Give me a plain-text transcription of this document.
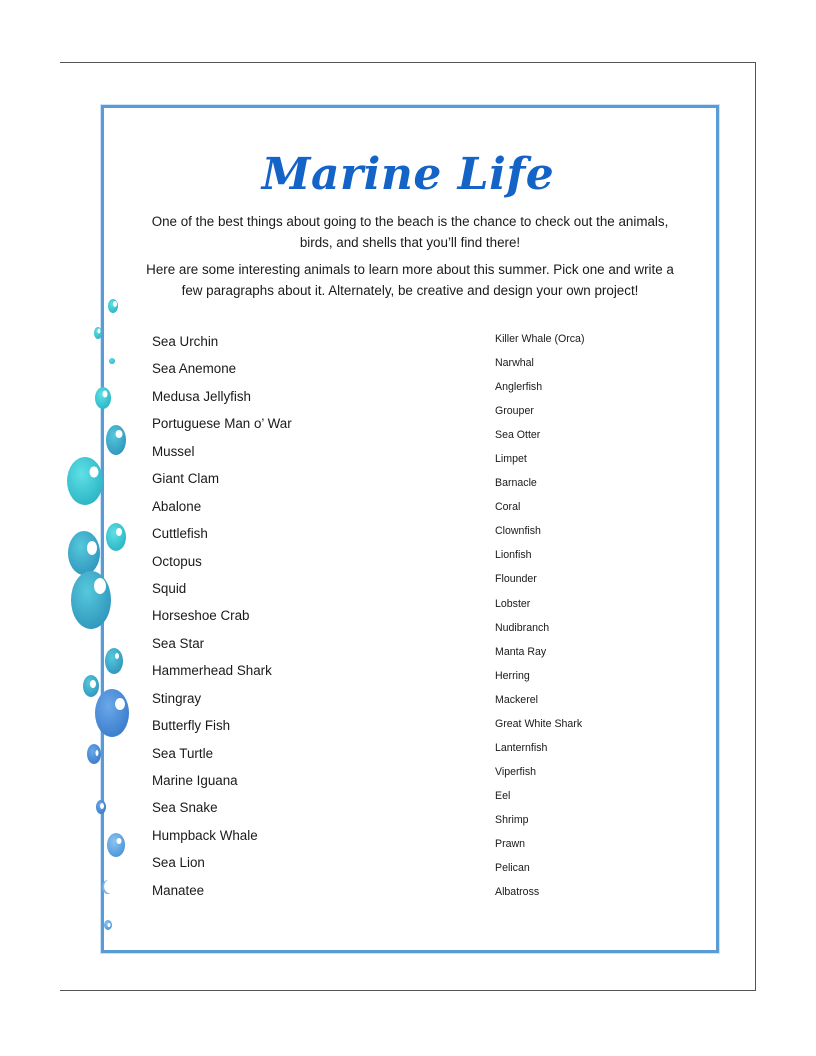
Marine Life
One of the best things about going to the beach is the chance to check out the animals, birds, and shells that you’ll find there!
Here are some interesting animals to learn more about this summer. Pick one and write a few paragraphs about it. Alternately, be creative and design your own project!
Sea Urchin
Sea Anemone
Medusa Jellyfish
Portuguese Man o’ War
Mussel
Giant Clam
Abalone
Cuttlefish
Octopus
Squid
Horseshoe Crab
Sea Star
Hammerhead Shark
Stingray
Butterfly Fish
Sea Turtle
Marine Iguana
Sea Snake
Humpback Whale
Sea Lion
Manatee
Killer Whale (Orca)
Narwhal
Anglerfish
Grouper
Sea Otter
Limpet
Barnacle
Coral
Clownfish
Lionfish
Flounder
Lobster
Nudibranch
Manta Ray
Herring
Mackerel
Great White Shark
Lanternfish
Viperfish
Eel
Shrimp
Prawn
Pelican
Albatross
